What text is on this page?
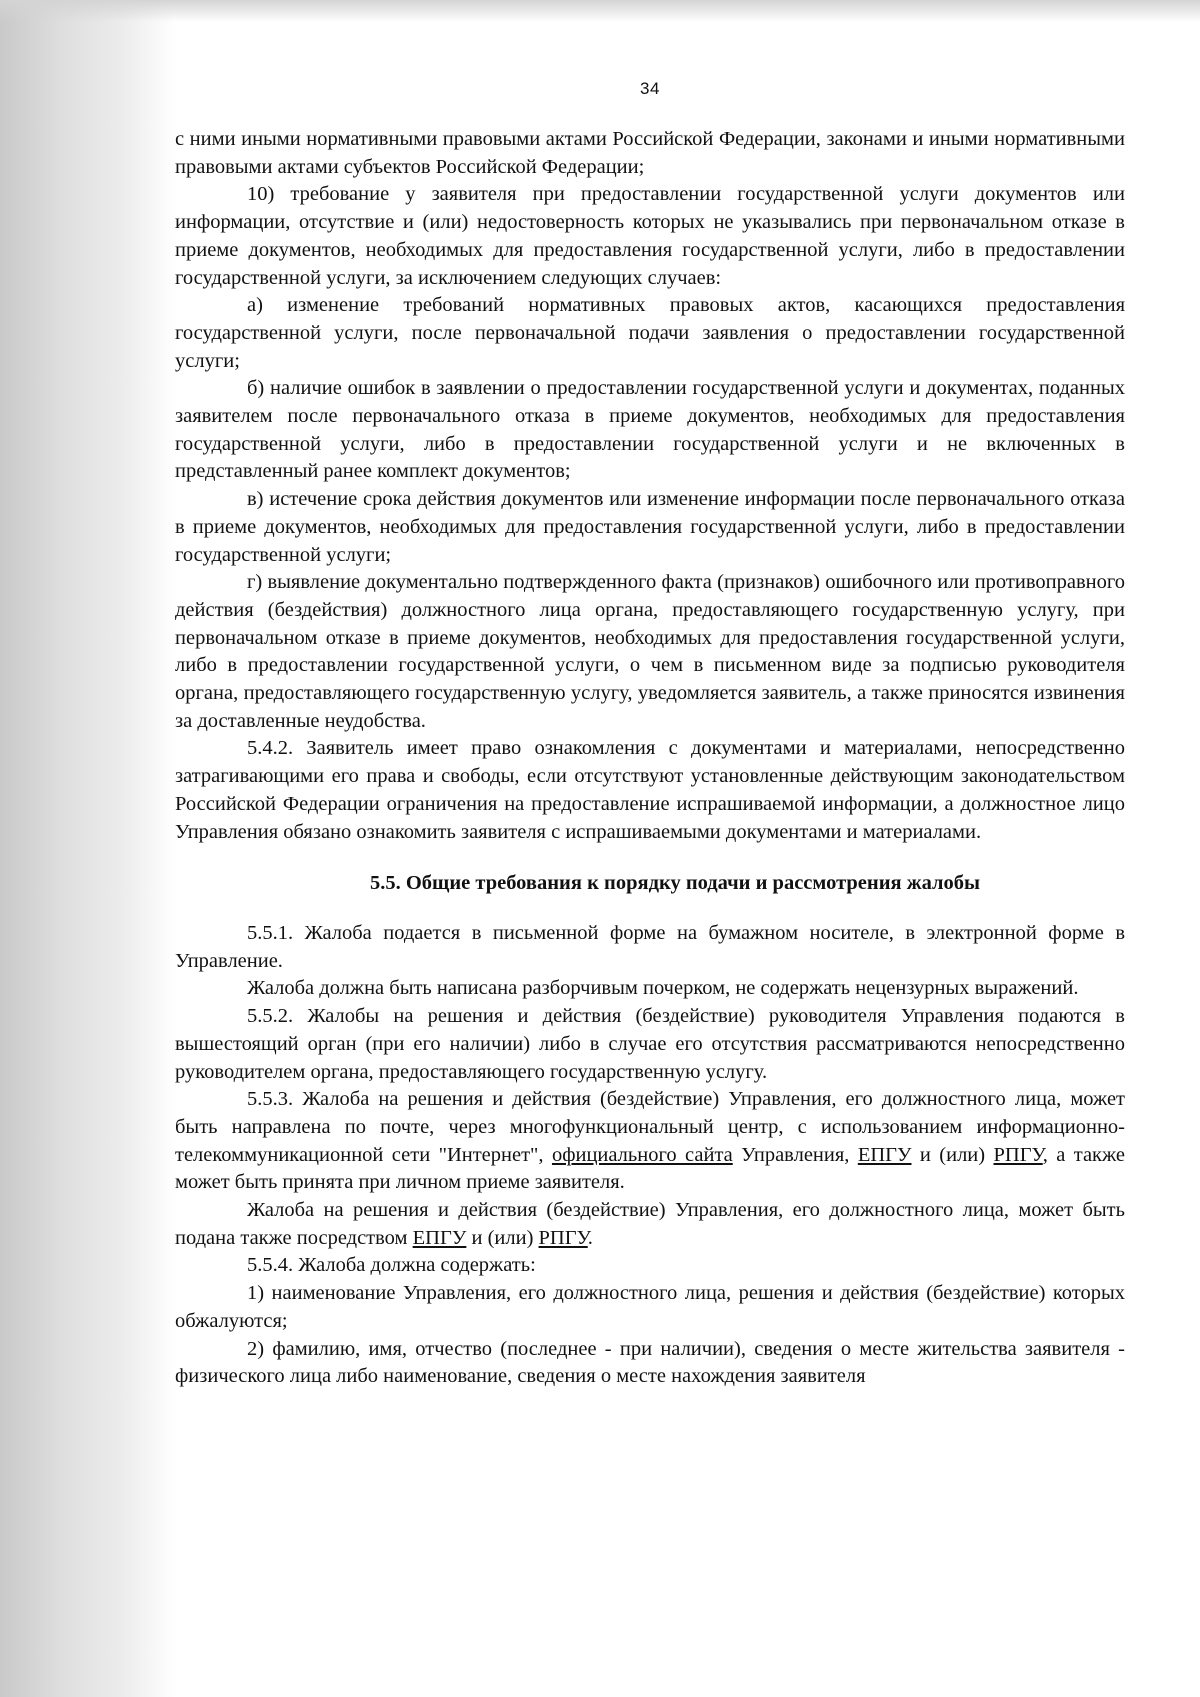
34

с ними иными нормативными правовыми актами Российской Федерации, законами и иными нормативными правовыми актами субъектов Российской Федерации;

10) требование у заявителя при предоставлении государственной услуги документов или информации, отсутствие и (или) недостоверность которых не указывались при первоначальном отказе в приеме документов, необходимых для предоставления государственной услуги, либо в предоставлении государственной услуги, за исключением следующих случаев:

а) изменение требований нормативных правовых актов, касающихся предоставления государственной услуги, после первоначальной подачи заявления о предоставлении государственной услуги;

б) наличие ошибок в заявлении о предоставлении государственной услуги и документах, поданных заявителем после первоначального отказа в приеме документов, необходимых для предоставления государственной услуги, либо в предоставлении государственной услуги и не включенных в представленный ранее комплект документов;

в) истечение срока действия документов или изменение информации после первоначального отказа в приеме документов, необходимых для предоставления государственной услуги, либо в предоставлении государственной услуги;

г) выявление документально подтвержденного факта (признаков) ошибочного или противоправного действия (бездействия) должностного лица органа, предоставляющего государственную услугу, при первоначальном отказе в приеме документов, необходимых для предоставления государственной услуги, либо в предоставлении государственной услуги, о чем в письменном виде за подписью руководителя органа, предоставляющего государственную услугу, уведомляется заявитель, а также приносятся извинения за доставленные неудобства.

5.4.2. Заявитель имеет право ознакомления с документами и материалами, непосредственно затрагивающими его права и свободы, если отсутствуют установленные действующим законодательством Российской Федерации ограничения на предоставление испрашиваемой информации, а должностное лицо Управления обязано ознакомить заявителя с испрашиваемыми документами и материалами.

5.5. Общие требования к порядку подачи и рассмотрения жалобы

5.5.1. Жалоба подается в письменной форме на бумажном носителе, в электронной форме в Управление.

Жалоба должна быть написана разборчивым почерком, не содержать нецензурных выражений.

5.5.2. Жалобы на решения и действия (бездействие) руководителя Управления подаются в вышестоящий орган (при его наличии) либо в случае его отсутствия рассматриваются непосредственно руководителем органа, предоставляющего государственную услугу.

5.5.3. Жалоба на решения и действия (бездействие) Управления, его должностного лица, может быть направлена по почте, через многофункциональный центр, с использованием информационно-телекоммуникационной сети "Интернет", официального сайта Управления, ЕПГУ и (или) РПГУ, а также может быть принята при личном приеме заявителя.

Жалоба на решения и действия (бездействие) Управления, его должностного лица, может быть подана также посредством ЕПГУ и (или) РПГУ.

5.5.4. Жалоба должна содержать:

1) наименование Управления, его должностного лица, решения и действия (бездействие) которых обжалуются;

2) фамилию, имя, отчество (последнее - при наличии), сведения о месте жительства заявителя - физического лица либо наименование, сведения о месте нахождения заявителя
